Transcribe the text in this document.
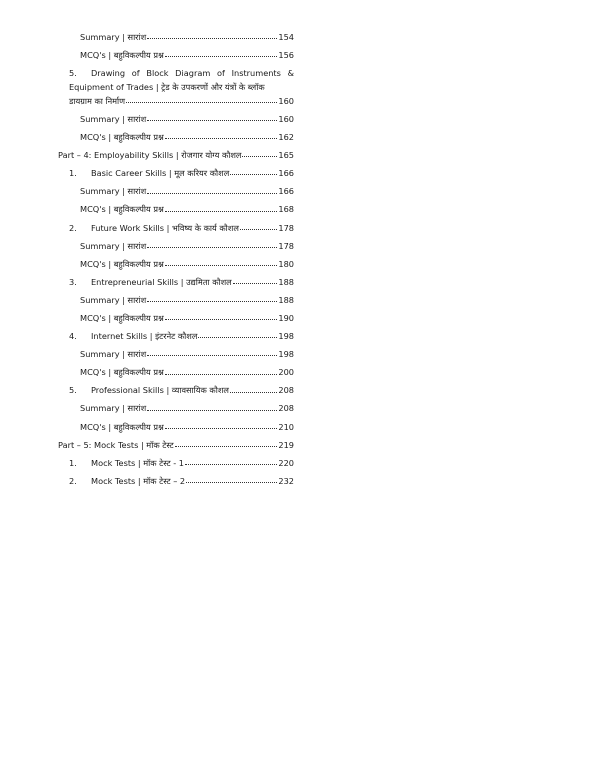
Summary | सारांश	154
MCQ's | बहुविकल्पीय प्रश्न	156
5.	Drawing of Block Diagram of Instruments &
Equipment of Trades | ट्रेड के उपकरणों और यंत्रों के ब्लॉक
डायग्राम का निर्माण	160
Summary | सारांश	160
MCQ's | बहुविकल्पीय प्रश्न	162
Part – 4: Employability Skills | रोजगार योग्य कौशल	165
1.	Basic Career Skills | मूल करियर कौशल	166
Summary | सारांश	166
MCQ's | बहुविकल्पीय प्रश्न	168
2.	Future Work Skills | भविष्य के कार्य कौशल	178
Summary | सारांश	178
MCQ's | बहुविकल्पीय प्रश्न	180
3.	Entrepreneurial Skills | उद्यमिता कौशल	188
Summary | सारांश	188
MCQ's | बहुविकल्पीय प्रश्न	190
4.	Internet Skills | इंटरनेट कौशल	198
Summary | सारांश	198
MCQ's | बहुविकल्पीय प्रश्न	200
5.	Professional Skills | व्यावसायिक कौशल	208
Summary | सारांश	208
MCQ's | बहुविकल्पीय प्रश्न	210
Part – 5: Mock Tests | मॉक टेस्ट	219
1.	Mock Tests | मॉक टेस्ट - 1	220
2.	Mock Tests | मॉक टेस्ट – 2	232
